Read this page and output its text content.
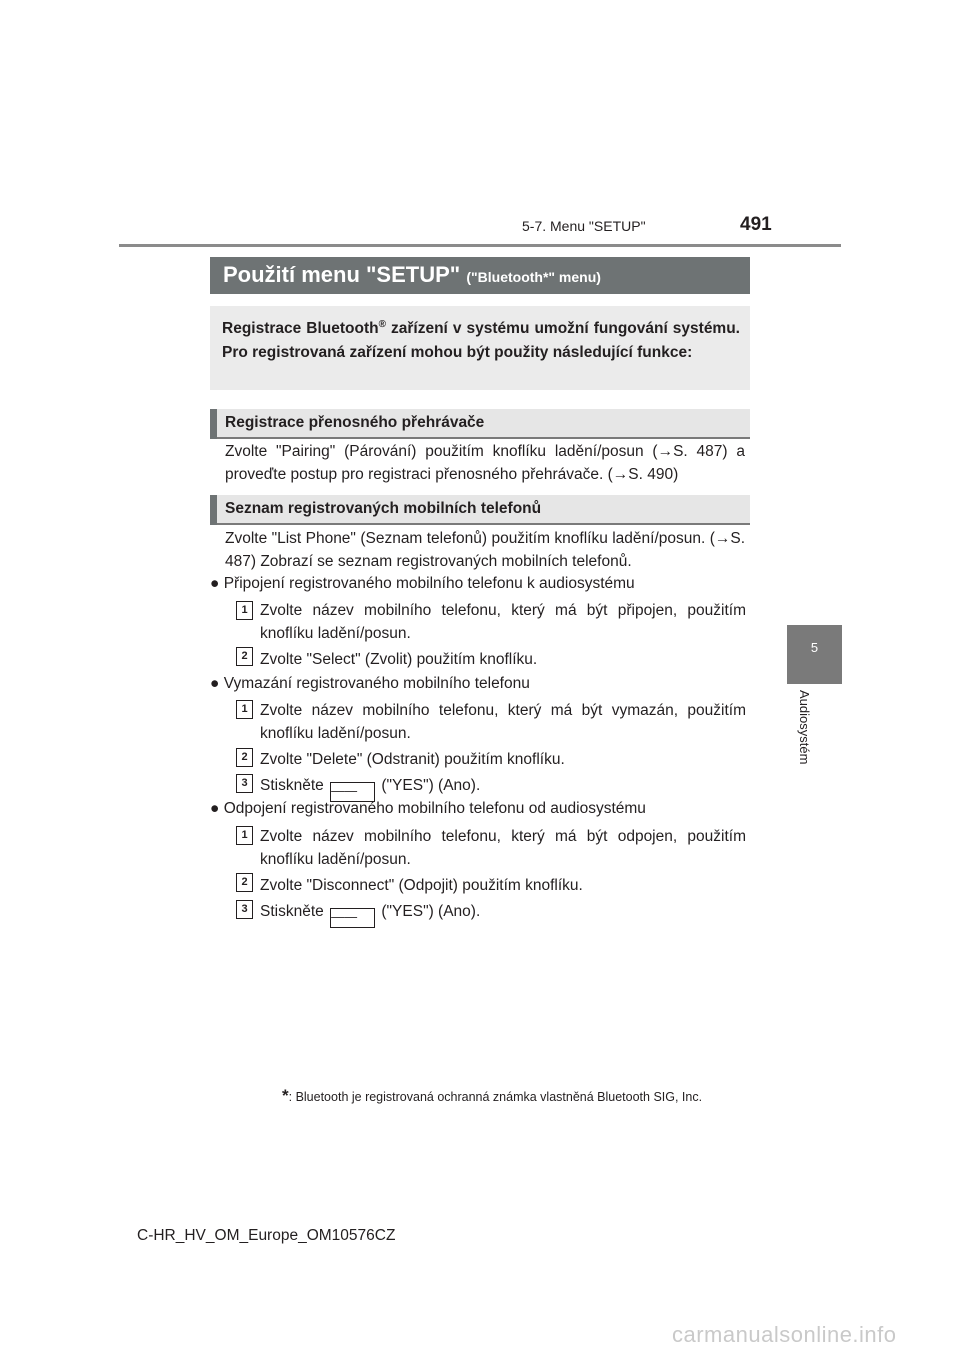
5-7. Menu "SETUP"	491
5
Audiosystém
Použití menu "SETUP" ("Bluetooth*" menu)
Registrace Bluetooth® zařízení v systému umožní fungování systému. Pro registrovaná zařízení mohou být použity následující funkce:
Registrace přenosného přehrávače
Zvolte "Pairing" (Párování) použitím knoflíku ladění/posun (→S. 487) a proveďte postup pro registraci přenosného přehrávače. (→S. 490)
Seznam registrovaných mobilních telefonů
Zvolte "List Phone" (Seznam telefonů) použitím knoflíku ladění/posun. (→S. 487) Zobrazí se seznam registrovaných mobilních telefonů.
● Připojení registrovaného mobilního telefonu k audiosystému
1 Zvolte název mobilního telefonu, který má být připojen, použitím knoflíku ladění/posun.
2 Zvolte "Select" (Zvolit) použitím knoflíku.
● Vymazání registrovaného mobilního telefonu
1 Zvolte název mobilního telefonu, který má být vymazán, použitím knoflíku ladění/posun.
2 Zvolte "Delete" (Odstranit) použitím knoflíku.
3 Stiskněte —— ("YES") (Ano).
● Odpojení registrovaného mobilního telefonu od audiosystému
1 Zvolte název mobilního telefonu, který má být odpojen, použitím knoflíku ladění/posun.
2 Zvolte "Disconnect" (Odpojit) použitím knoflíku.
3 Stiskněte —— ("YES") (Ano).
*: Bluetooth je registrovaná ochranná známka vlastněná Bluetooth SIG, Inc.
C-HR_HV_OM_Europe_OM10576CZ
carmanualsonline.info
